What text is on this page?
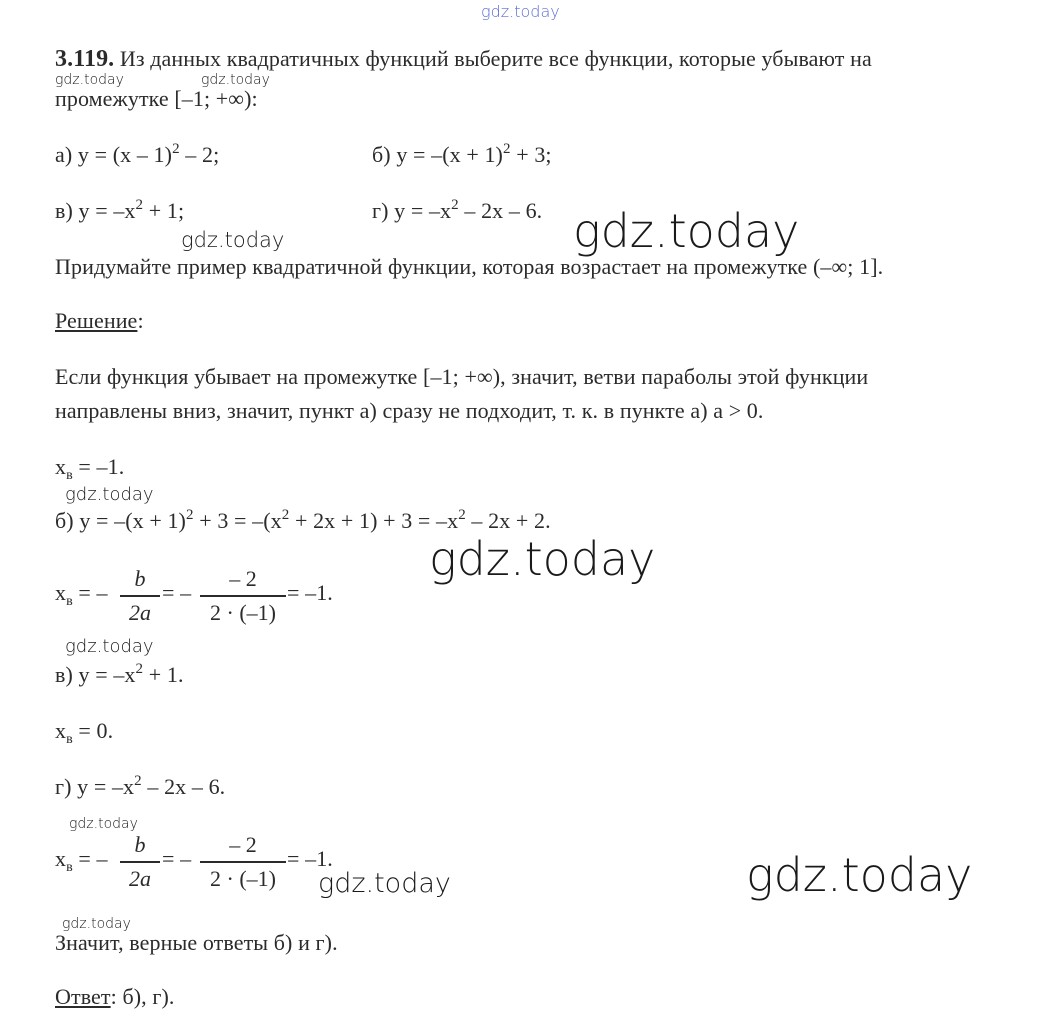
gdz.today
gdz.today	gdz.today
gdz.today
gdz.today
gdz.today
gdz.today
gdz.today
gdz.today
gdz.today	gdz.today
gdz.today
3.119. Из данных квадратичных функций выберите все функции, которые убывают на
промежутке [–1; +∞):
а) y = (x – 1)$^2$ – 2;	б) $y = -(x + 1)^2 + 3$;
в) $y = -x^2 + 1$;	г) $y = -x^2 - 2x - 6$.
Придумайте пример квадратичной функции, которая возрастает на промежутке (–∞; 1].
Решение:
Если функция убывает на промежутке [–1; +∞), значит, ветви параболы этой функции
направлены вниз, значит, пункт а) сразу не подходит, т. к. в пункте а) а > 0.
$x_в = -1$.
б) $y = -(x + 1)^2 + 3 = -(x^2 + 2x + 1) + 3 = -x^2 - 2x + 2$.
$x_в$ = –
b
2a
= –
– 2
2 · (–1)
= –1.
в) $y = -x^2 + 1$.
$x_в = 0$.
г) $y = -x^2 - 2x - 6$.
$x_в$ = –
b
2a
= –
– 2
2 · (–1)
= –1.
Значит, верные ответы б) и г).
Ответ: б), г).
